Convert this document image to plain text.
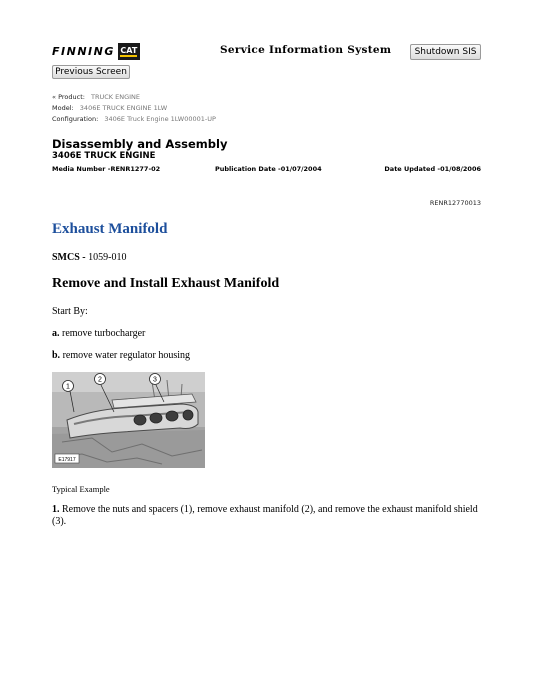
FINNING CAT	Service Information System	Shutdown SIS
Previous Screen
« Product: TRUCK ENGINE
Model: 3406E TRUCK ENGINE 1LW
Configuration: 3406E Truck Engine 1LW00001-UP
Disassembly and Assembly
3406E TRUCK ENGINE
Media Number -RENR1277-02	Publication Date -01/07/2004	Date Updated -01/08/2006
RENR12770013
Exhaust Manifold
SMCS - 1059-010
Remove and Install Exhaust Manifold
Start By:
a. remove turbocharger
b. remove water regulator housing
1
2	3
E17917
Typical Example
1. Remove the nuts and spacers (1), remove exhaust manifold (2), and remove the exhaust manifold shield (3).
